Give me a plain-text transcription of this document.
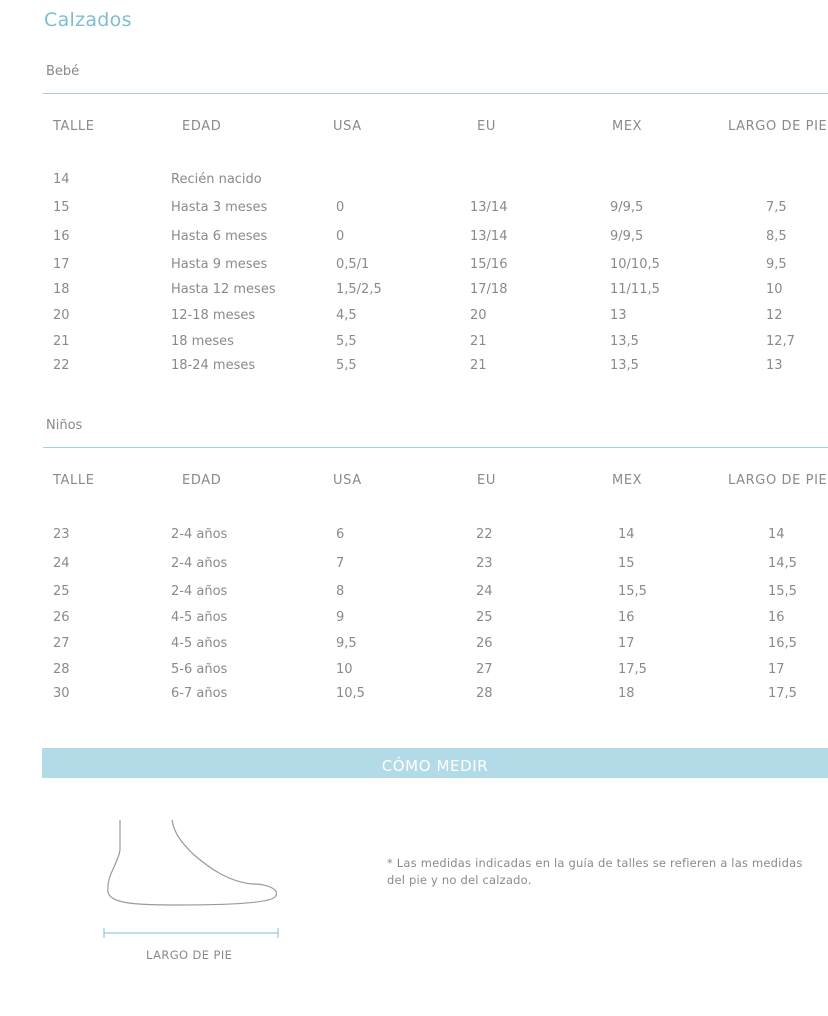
Calzados
Bebé
TALLE	EDAD	USA	EU	MEX	LARGO DE PIE
14	Recién nacido
15	Hasta 3 meses	0	13/14	9/9,5	7,5
16	Hasta 6 meses	0	13/14	9/9,5	8,5
17	Hasta 9 meses	0,5/1	15/16	10/10,5	9,5
18	Hasta 12 meses	1,5/2,5	17/18	11/11,5	10
20	12-18 meses	4,5	20	13	12
21	18 meses	5,5	21	13,5	12,7
22	18-24 meses	5,5	21	13,5	13
Niños
TALLE	EDAD	USA	EU	MEX	LARGO DE PIE
23	2-4 años	6	22	14	14
24	2-4 años	7	23	15	14,5
25	2-4 años	8	24	15,5	15,5
26	4-5 años	9	25	16	16
27	4-5 años	9,5	26	17	16,5
28	5-6 años	10	27	17,5	17
30	6-7 años	10,5	28	18	17,5
CÓMO MEDIR
LARGO DE PIE
* Las medidas indicadas en la guía de talles se refieren a las medidas del pie y no del calzado.
